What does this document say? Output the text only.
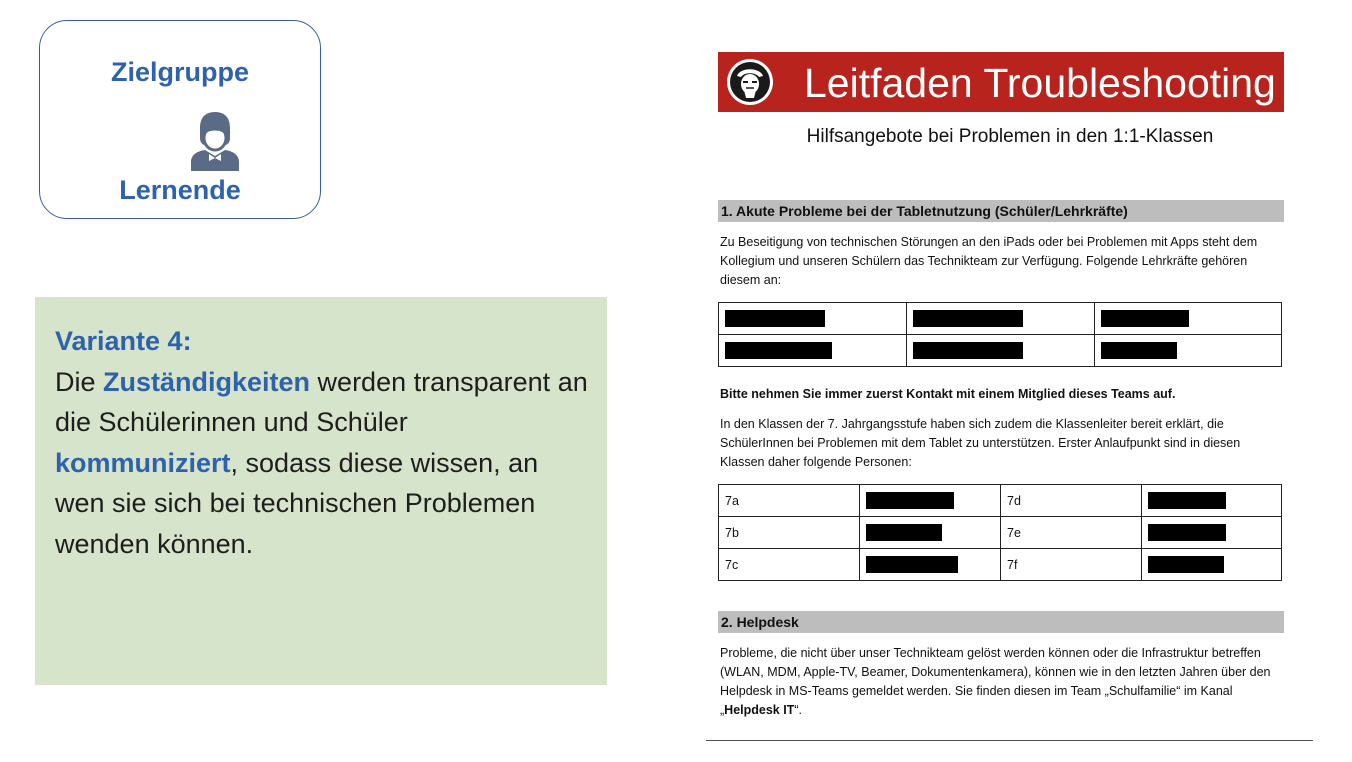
Zielgruppe
Lernende
Variante 4:
Die Zuständigkeiten werden transparent an die Schülerinnen und Schüler kommuniziert, sodass diese wissen, an wen sie sich bei technischen Problemen wenden können.
Leitfaden Troubleshooting
Hilfsangebote bei Problemen in den 1:1-Klassen
1. Akute Probleme bei der Tabletnutzung (Schüler/Lehrkräfte)
Zu Beseitigung von technischen Störungen an den iPads oder bei Problemen mit Apps steht dem Kollegium und unseren Schülern das Technikteam zur Verfügung. Folgende Lehrkräfte gehören diesem an:

Bitte nehmen Sie immer zuerst Kontakt mit einem Mitglied dieses Teams auf.
In den Klassen der 7. Jahrgangsstufe haben sich zudem die Klassenleiter bereit erklärt, die SchülerInnen bei Problemen mit dem Tablet zu unterstützen. Erster Anlaufpunkt sind in diesen Klassen daher folgende Personen:
7a		7d	
7b		7e	
7c		7f	
2. Helpdesk
Probleme, die nicht über unser Technikteam gelöst werden können oder die Infrastruktur betreffen (WLAN, MDM, Apple-TV, Beamer, Dokumentenkamera), können wie in den letzten Jahren über den Helpdesk in MS-Teams gemeldet werden. Sie finden diesen im Team „Schulfamilie“ im Kanal „Helpdesk IT“.
